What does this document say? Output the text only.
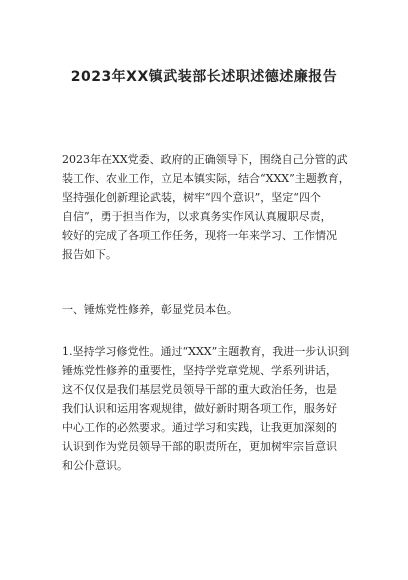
2023年XX镇武装部长述职述德述廉报告
2023年在XX党委、政府的正确领导下，围绕自己分管的武
装工作、农业工作，立足本镇实际，结合“XXX”主题教育，
坚持强化创新理论武装，树牢“四个意识”，坚定“四个
自信”，勇于担当作为，以求真务实作风认真履职尽责，
较好的完成了各项工作任务，现将一年来学习、工作情况
报告如下。
一、锤炼党性修养，彰显党员本色。
1.坚持学习修党性。通过“XXX”主题教育，我进一步认识到
锤炼党性修养的重要性，坚持学党章党规、学系列讲话，
这不仅仅是我们基层党员领导干部的重大政治任务，也是
我们认识和运用客观规律，做好新时期各项工作，服务好
中心工作的必然要求。通过学习和实践，让我更加深刻的
认识到作为党员领导干部的职责所在，更加树牢宗旨意识
和公仆意识。
